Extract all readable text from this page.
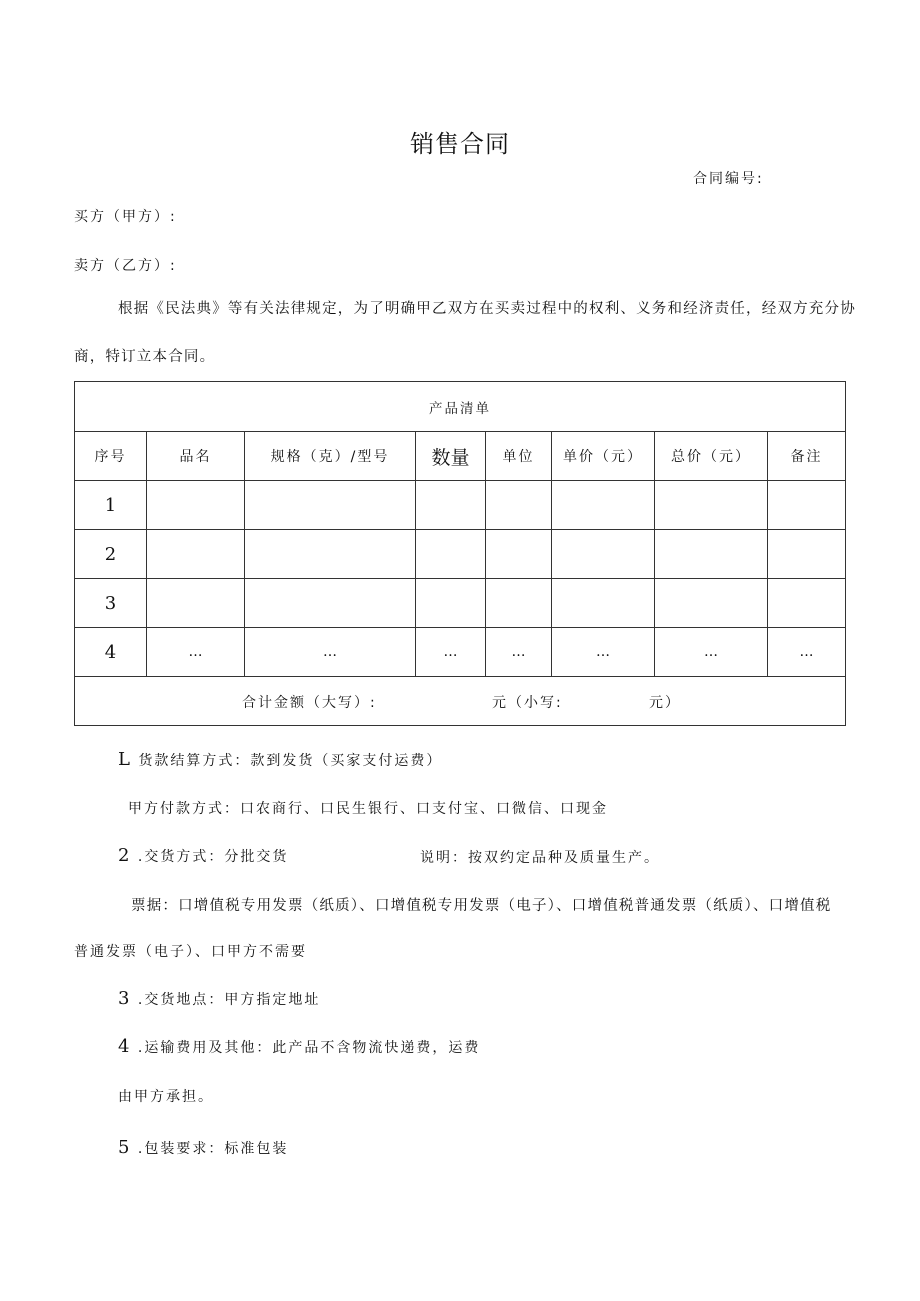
销售合同
合同编号:
买方（甲方）:
卖方（乙方）:
根据《民法典》等有关法律规定，为了明确甲乙双方在买卖过程中的权利、义务和经济责任，经双方充分协
商，特订立本合同。
产品清单							
序号	品名	规格（克）/型号	数量	单位	单价（元）	总价（元）	备注
1							
2							
3							
4	…	…	…	…	…	…	…

合计金额（大写）: 元（小写: 元）							
L 货款结算方式：款到发货（买家支付运费）
甲方付款方式：口农商行、口民生银行、口支付宝、口微信、口现金
2 .交货方式：分批交货	说明：按双约定品种及质量生产。
票据：口增值税专用发票（纸质）、口增值税专用发票（电子）、口增值税普通发票（纸质）、口增值税
普通发票（电子）、口甲方不需要
3 .交货地点：甲方指定地址
4 .运输费用及其他：此产品不含物流快递费，运费
由甲方承担。
5 .包装要求：标准包装
